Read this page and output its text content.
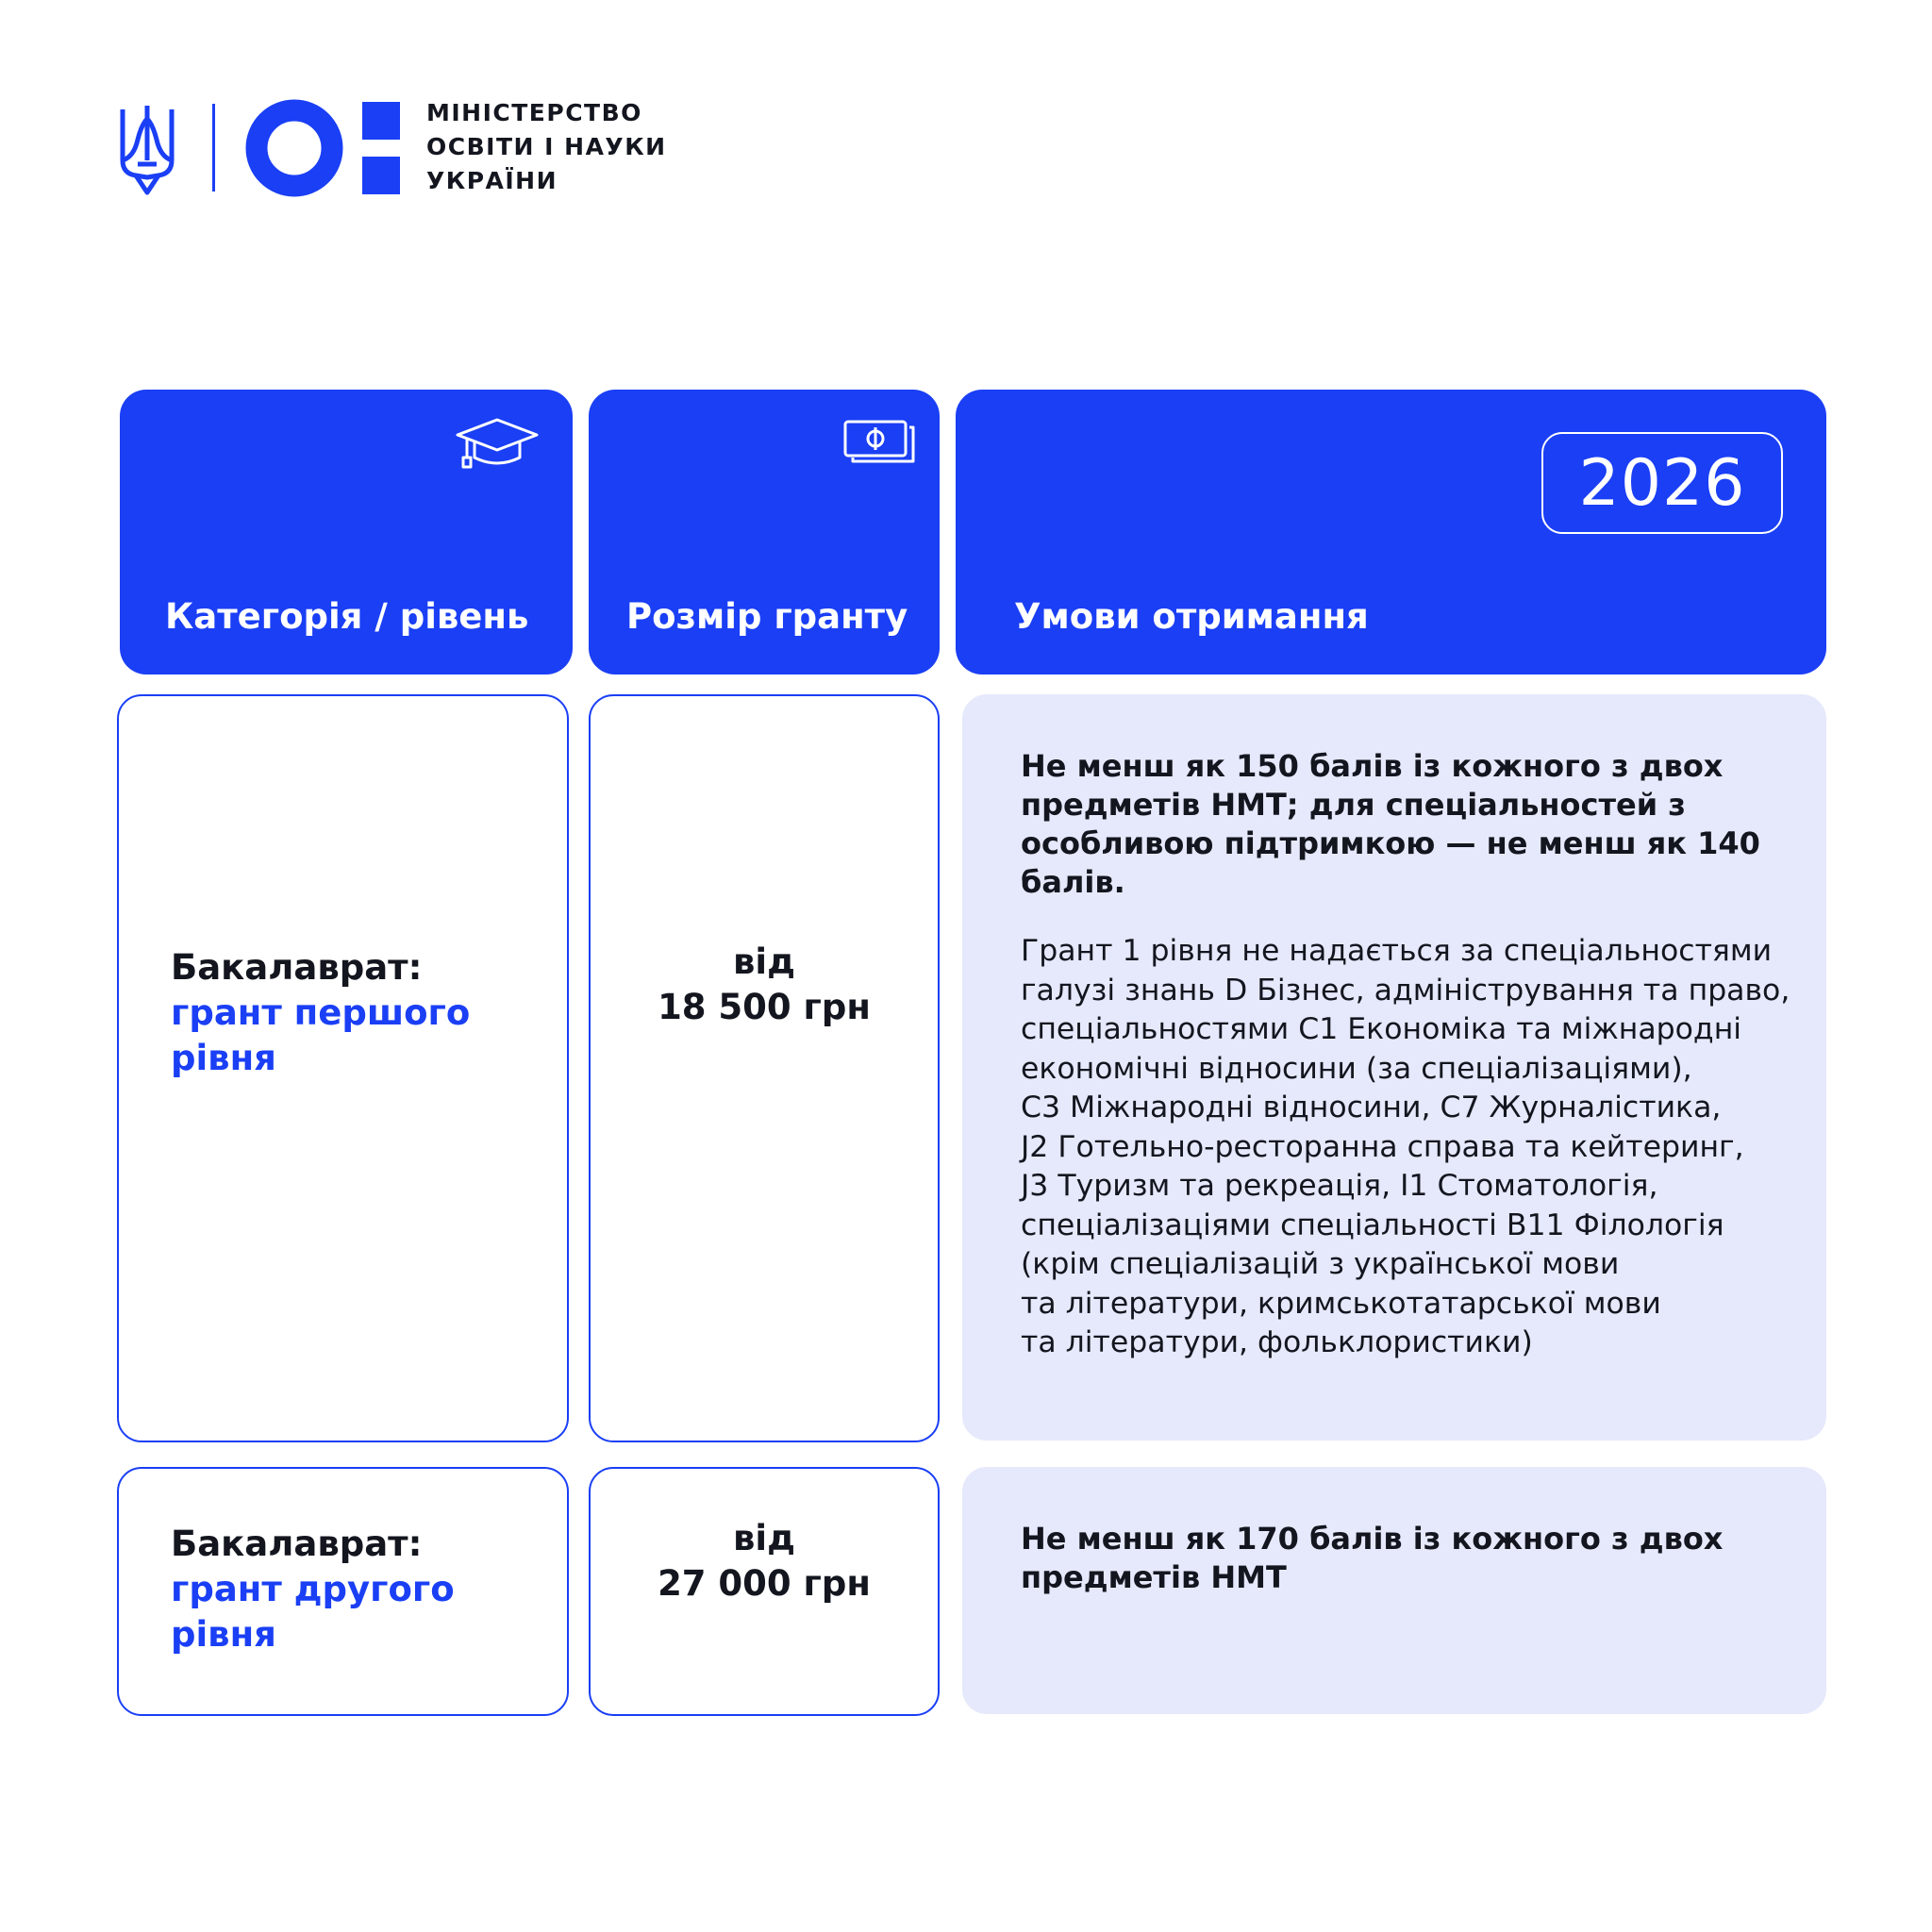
МІНІСТЕРСТВО
ОСВІТИ І НАУКИ
УКРАЇНИ
Категорія / рівень	Розмір гранту
2026
Умови отримання
Бакалаврат:
грант першого
рівня
від
18 500 грн
Не менш як 150 балів із кожного з двох предметів НМТ; для спеціальностей з особливою підтримкою — не менш як 140 балів.
Грант 1 рівня не надається за спеціальностями
галузі знань D Бізнес, адміністрування та право,
спеціальностями C1 Економіка та міжнародні
економічні відносини (за спеціалізаціями),
С3 Міжнародні відносини, С7 Журналістика,
J2 Готельно-ресторанна справа та кейтеринг,
J3 Туризм та рекреація, I1 Стоматологія,
спеціалізаціями спеціальності В11 Філологія
(крім спеціалізацій з української мови
та літератури, кримськотатарської мови
та літератури, фольклористики)
Бакалаврат:
грант другого
рівня
від
27 000 грн
Не менш як 170 балів із кожного з двох предметів НМТ
